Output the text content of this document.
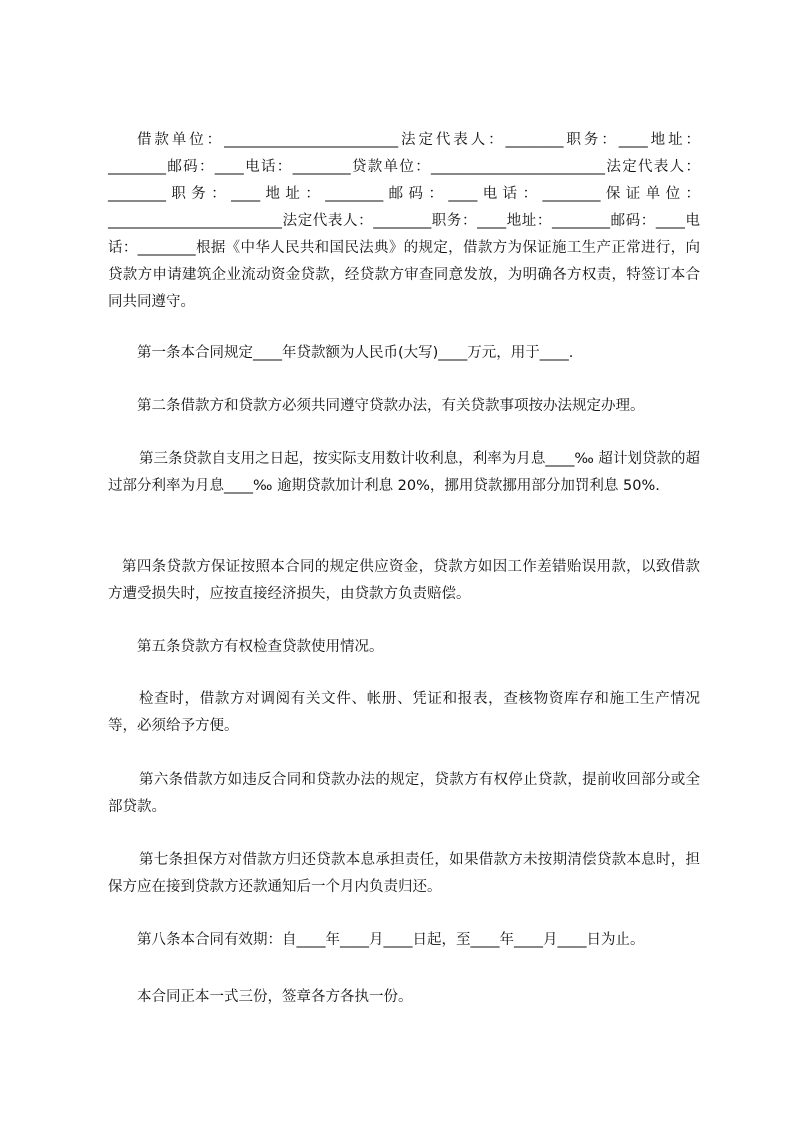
借款单位：________________________法定代表人：________职务：____地址：________邮码：____电话：________贷款单位：________________________法定代表人：________职务：____地址：________邮码：____电话：________保证单位：________________________法定代表人：________职务：____地址：________邮码：____电话：________根据《中华人民共和国民法典》的规定，借款方为保证施工生产正常进行，向贷款方申请建筑企业流动资金贷款，经贷款方审查同意发放，为明确各方权责，特签订本合同共同遵守。

第一条本合同规定____年贷款额为人民币(大写)____万元，用于____.

第二条借款方和贷款方必须共同遵守贷款办法，有关贷款事项按办法规定办理。

第三条贷款自支用之日起，按实际支用数计收利息，利率为月息____‰ 超计划贷款的超过部分利率为月息____‰ 逾期贷款加计利息 20%，挪用贷款挪用部分加罚利息 50%.

第四条贷款方保证按照本合同的规定供应资金，贷款方如因工作差错贻误用款，以致借款方遭受损失时，应按直接经济损失，由贷款方负责赔偿。

第五条贷款方有权检查贷款使用情况。

检查时，借款方对调阅有关文件、帐册、凭证和报表，查核物资库存和施工生产情况等，必须给予方便。

第六条借款方如违反合同和贷款办法的规定，贷款方有权停止贷款，提前收回部分或全部贷款。

第七条担保方对借款方归还贷款本息承担责任，如果借款方未按期清偿贷款本息时，担保方应在接到贷款方还款通知后一个月内负责归还。

第八条本合同有效期：自____年____月____日起，至____年____月____日为止。

本合同正本一式三份，签章各方各执一份。
